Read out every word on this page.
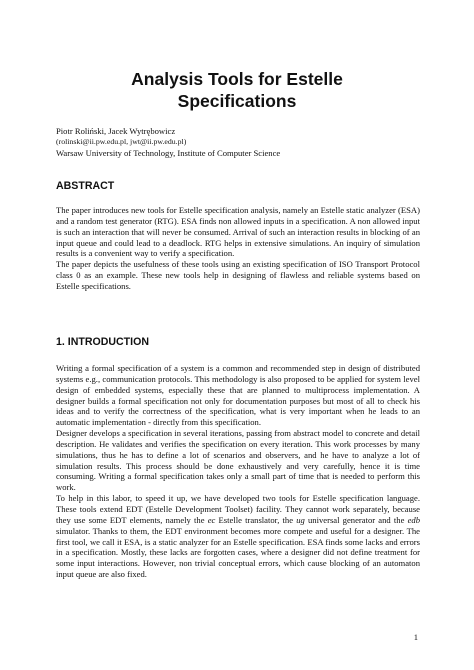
Analysis Tools for Estelle
Specifications
Piotr Roliński, Jacek Wytrębowicz
(rolinski@ii.pw.edu.pl, jwt@ii.pw.edu.pl)
Warsaw University of Technology, Institute of Computer Science
ABSTRACT

The paper introduces new tools for Estelle specification analysis, namely an Estelle static analyzer (ESA) and a random test generator (RTG). ESA finds non allowed inputs in a specification. A non allowed input is such an interaction that will never be consumed. Arrival of such an interaction results in blocking of an input queue and could lead to a deadlock. RTG helps in extensive simulations. An inquiry of simulation results is a convenient way to verify a specification.

The paper depicts the usefulness of these tools using an existing specification of ISO Transport Protocol class 0 as an example. These new tools help in designing of flawless and reliable systems based on Estelle specifications.

1. INTRODUCTION

Writing a formal specification of a system is a common and recommended step in design of distributed systems e.g., communication protocols. This methodology is also proposed to be applied for system level design of embedded systems, especially these that are planned to multiprocess implementation. A designer builds a formal specification not only for documentation purposes but most of all to check his ideas and to verify the correctness of the specification, what is very important when he leads to an automatic implementation - directly from this specification.

Designer develops a specification in several iterations, passing from abstract model to concrete and detail description. He validates and verifies the specification on every iteration. This work processes by many simulations, thus he has to define a lot of scenarios and observers, and he have to analyze a lot of simulation results. This process should be done exhaustively and very carefully, hence it is time consuming. Writing a formal specification takes only a small part of time that is needed to perform this work.

To help in this labor, to speed it up, we have developed two tools for Estelle specification language. These tools extend EDT (Estelle Development Toolset) facility. They cannot work separately, because they use some EDT elements, namely the ec Estelle translator, the ug universal generator and the edb simulator. Thanks to them, the EDT environment becomes more compete and useful for a designer. The first tool, we call it ESA, is a static analyzer for an Estelle specification. ESA finds some lacks and errors in a specification. Mostly, these lacks are forgotten cases, where a designer did not define treatment for some input interactions. However, non trivial conceptual errors, which cause blocking of an automaton input queue are also fixed.

1
